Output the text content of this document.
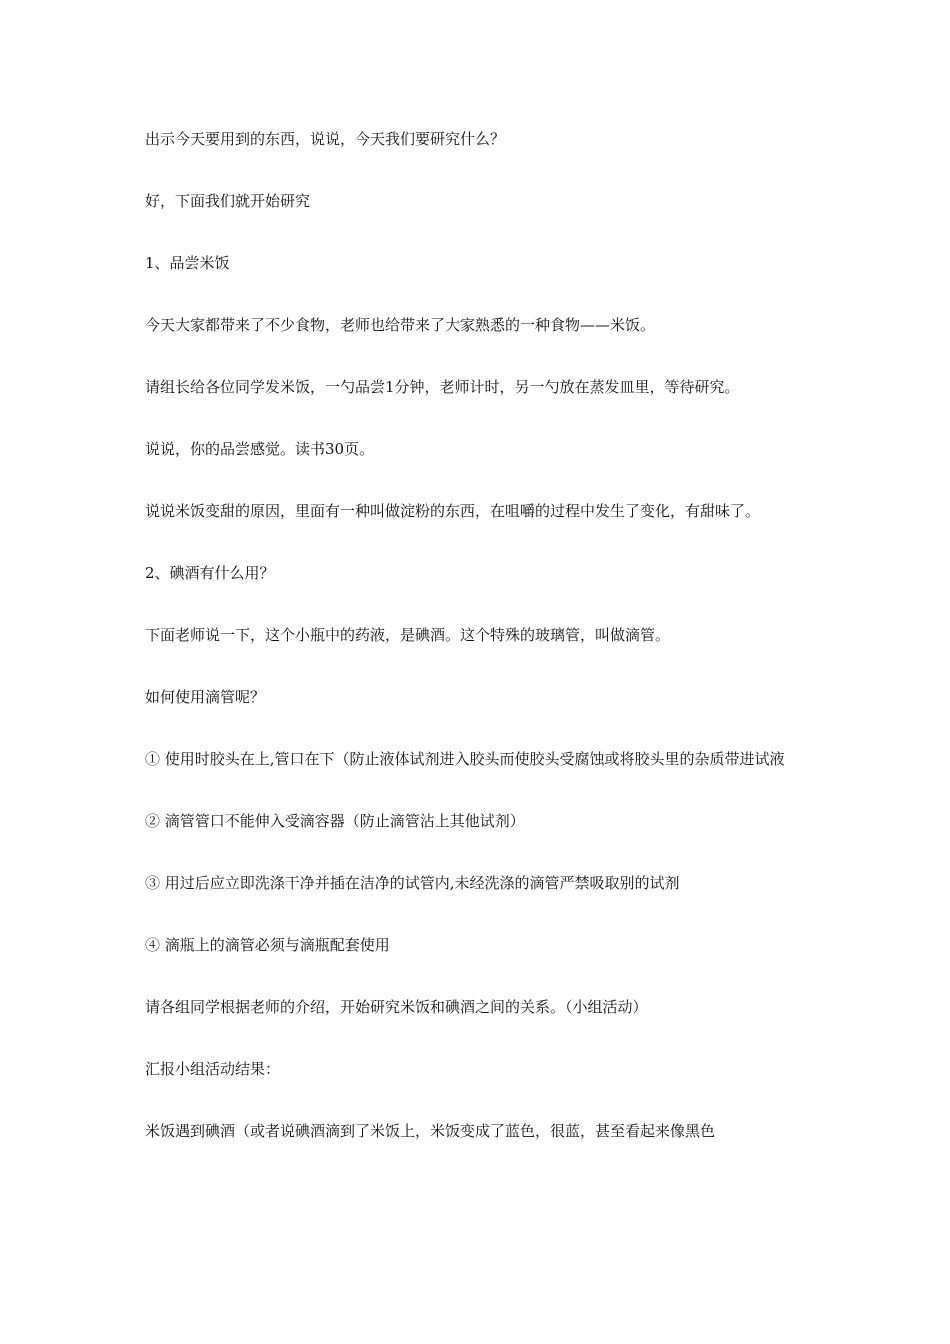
出示今天要用到的东西，说说，今天我们要研究什么？

好，下面我们就开始研究

1、品尝米饭

今天大家都带来了不少食物，老师也给带来了大家熟悉的一种食物——米饭。

请组长给各位同学发米饭，一勺品尝1分钟，老师计时，另一勺放在蒸发皿里，等待研究。

说说，你的品尝感觉。读书30页。

说说米饭变甜的原因，里面有一种叫做淀粉的东西，在咀嚼的过程中发生了变化，有甜味了。

2、碘酒有什么用？

下面老师说一下，这个小瓶中的药液，是碘酒。这个特殊的玻璃管，叫做滴管。

如何使用滴管呢？

① 使用时胶头在上,管口在下（防止液体试剂进入胶头而使胶头受腐蚀或将胶头里的杂质带进试液

② 滴管管口不能伸入受滴容器（防止滴管沾上其他试剂）

③ 用过后应立即洗涤干净并插在洁净的试管内,未经洗涤的滴管严禁吸取别的试剂

④ 滴瓶上的滴管必须与滴瓶配套使用

请各组同学根据老师的介绍，开始研究米饭和碘酒之间的关系。（小组活动）

汇报小组活动结果：

米饭遇到碘酒（或者说碘酒滴到了米饭上，米饭变成了蓝色，很蓝，甚至看起来像黑色
